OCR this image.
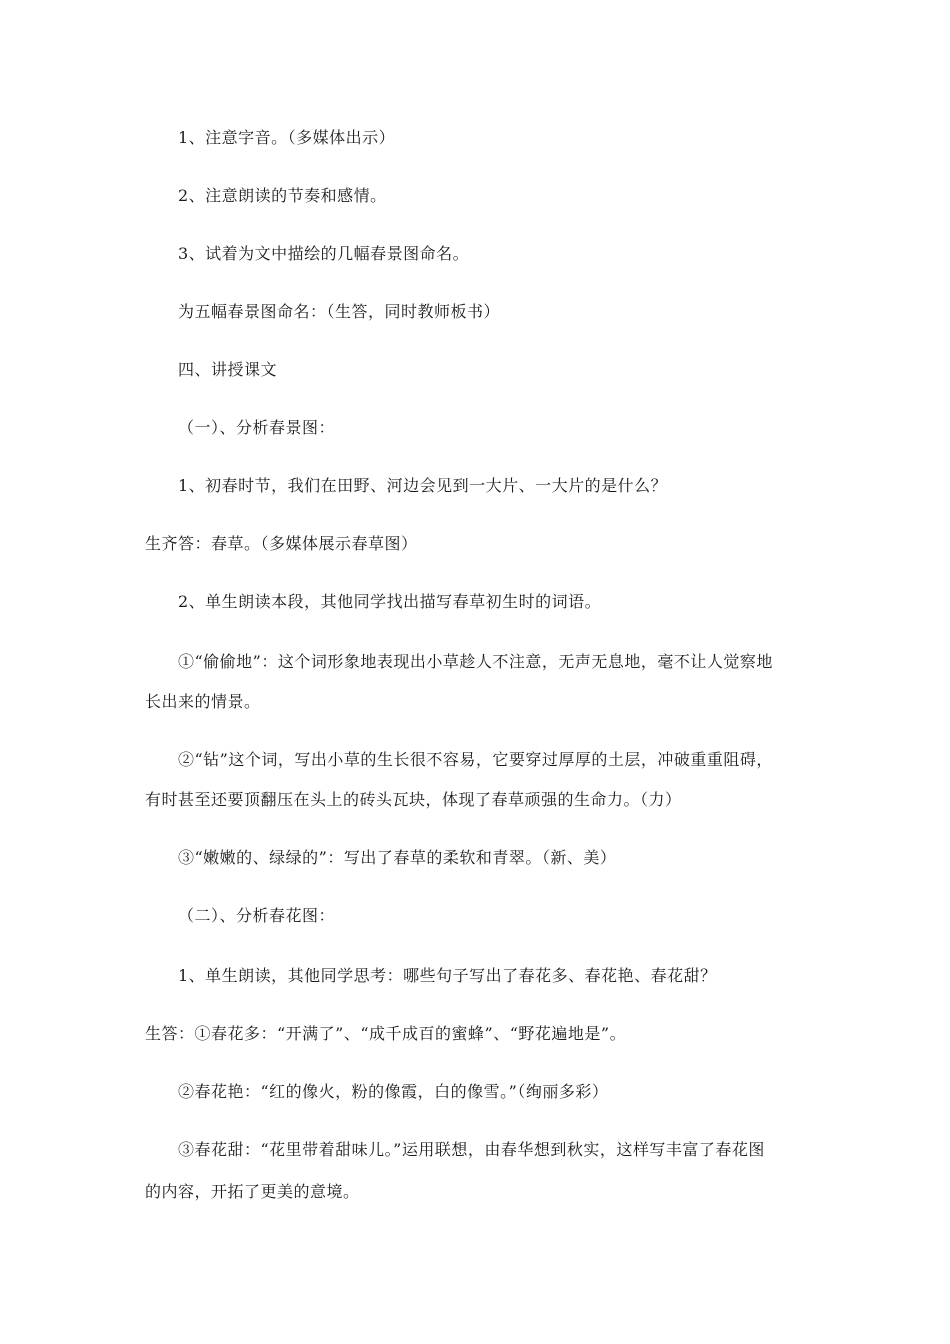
1、注意字音。（多媒体出示）
2、注意朗读的节奏和感情。
3、试着为文中描绘的几幅春景图命名。
为五幅春景图命名：（生答，同时教师板书）
四、讲授课文
（一）、分析春景图：
1、初春时节，我们在田野、河边会见到一大片、一大片的是什么？
生齐答：春草。（多媒体展示春草图）
2、单生朗读本段，其他同学找出描写春草初生时的词语。
①“偷偷地”：这个词形象地表现出小草趁人不注意，无声无息地，毫不让人觉察地
长出来的情景。
②“钻”这个词，写出小草的生长很不容易，它要穿过厚厚的土层，冲破重重阻碍，
有时甚至还要顶翻压在头上的砖头瓦块，体现了春草顽强的生命力。（力）
③“嫩嫩的、绿绿的”：写出了春草的柔软和青翠。（新、美）
（二）、分析春花图：
1、单生朗读，其他同学思考：哪些句子写出了春花多、春花艳、春花甜？
生答：①春花多：“开满了”、“成千成百的蜜蜂”、“野花遍地是”。
②春花艳：“红的像火，粉的像霞，白的像雪。”（绚丽多彩）
③春花甜：“花里带着甜味儿。”运用联想，由春华想到秋实，这样写丰富了春花图
的内容，开拓了更美的意境。
